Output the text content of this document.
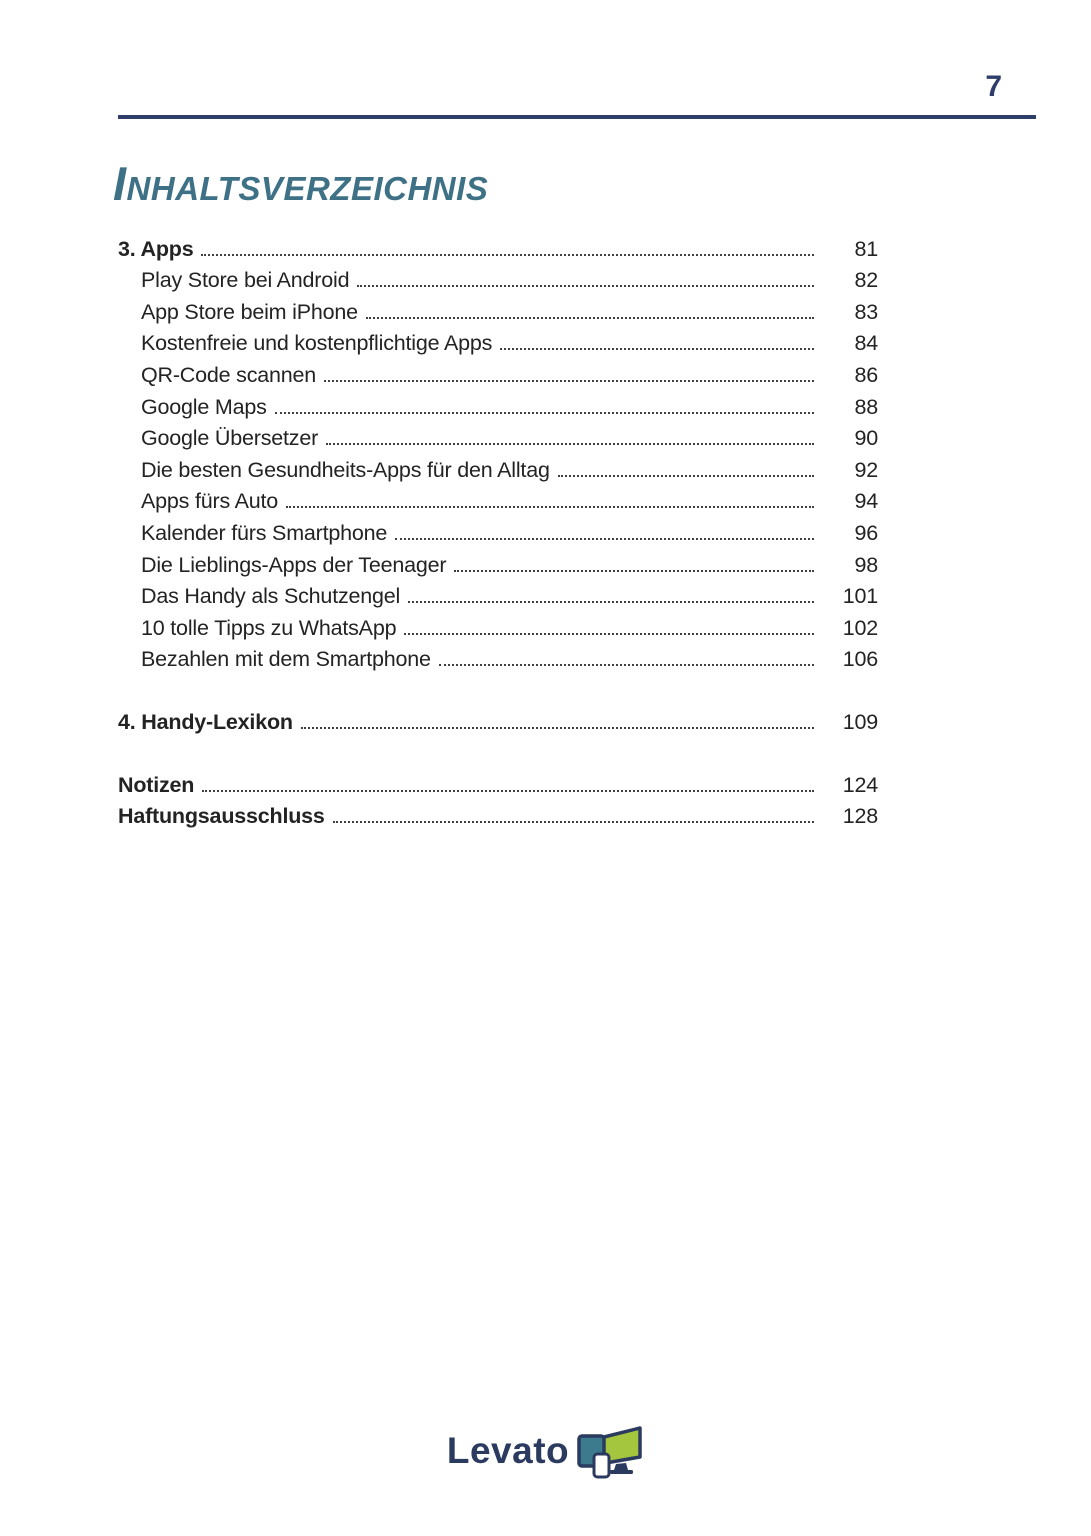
7
Inhaltsverzeichnis
3. Apps	81
Play Store bei Android	82
App Store beim iPhone	83
Kostenfreie und kostenpflichtige Apps	84
QR-Code scannen	86
Google Maps	88
Google Übersetzer	90
Die besten Gesundheits-Apps für den Alltag	92
Apps fürs Auto	94
Kalender fürs Smartphone	96
Die Lieblings-Apps der Teenager	98
Das Handy als Schutzengel	101
10 tolle Tipps zu WhatsApp	102
Bezahlen mit dem Smartphone	106
4. Handy-Lexikon	109
Notizen	124
Haftungsausschluss	128
Levato
